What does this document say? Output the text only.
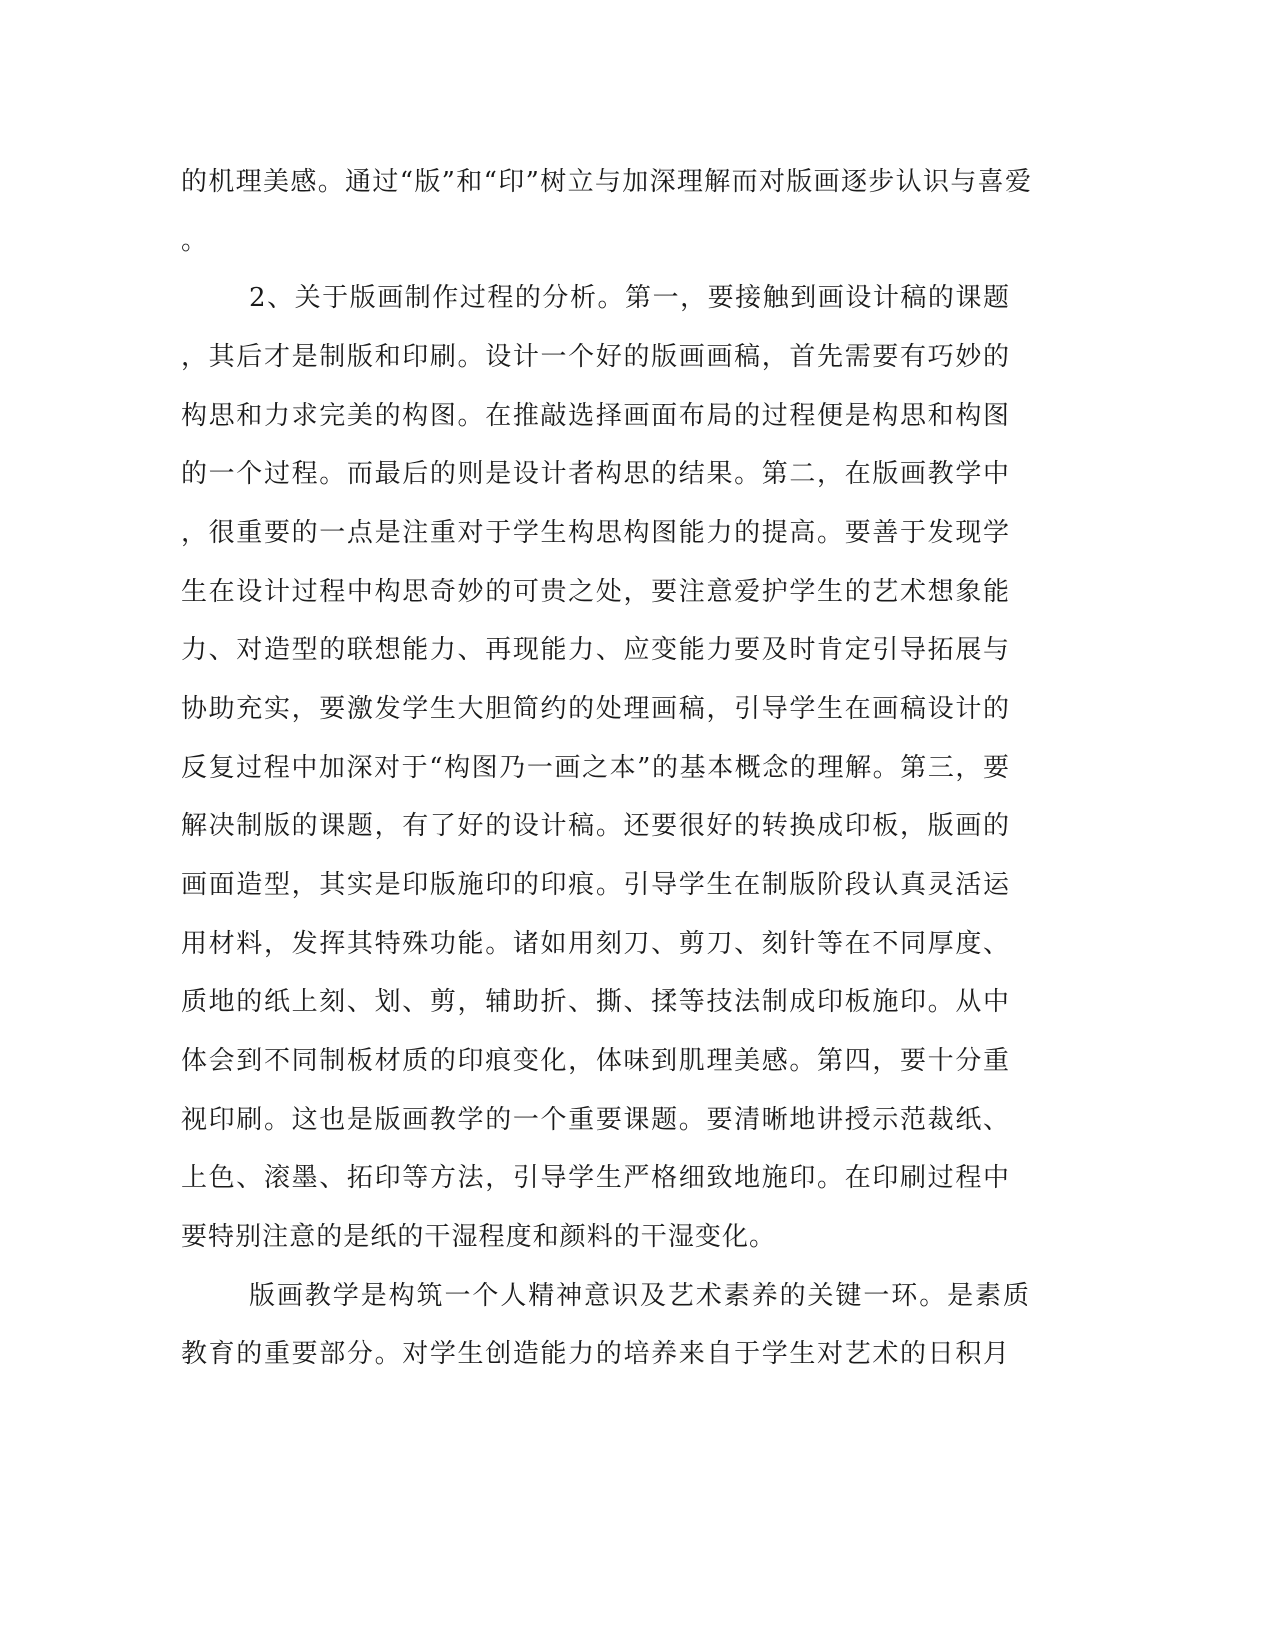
的机理美感。通过“版”和“印”树立与加深理解而对版画逐步认识与喜爱
。
2、关于版画制作过程的分析。第一，要接触到画设计稿的课题
，其后才是制版和印刷。设计一个好的版画画稿，首先需要有巧妙的
构思和力求完美的构图。在推敲选择画面布局的过程便是构思和构图
的一个过程。而最后的则是设计者构思的结果。第二，在版画教学中
，很重要的一点是注重对于学生构思构图能力的提高。要善于发现学
生在设计过程中构思奇妙的可贵之处，要注意爱护学生的艺术想象能
力、对造型的联想能力、再现能力、应变能力要及时肯定引导拓展与
协助充实，要激发学生大胆简约的处理画稿，引导学生在画稿设计的
反复过程中加深对于“构图乃一画之本”的基本概念的理解。第三，要
解决制版的课题，有了好的设计稿。还要很好的转换成印板，版画的
画面造型，其实是印版施印的印痕。引导学生在制版阶段认真灵活运
用材料，发挥其特殊功能。诸如用刻刀、剪刀、刻针等在不同厚度、
质地的纸上刻、划、剪，辅助折、撕、揉等技法制成印板施印。从中
体会到不同制板材质的印痕变化，体味到肌理美感。第四，要十分重
视印刷。这也是版画教学的一个重要课题。要清晰地讲授示范裁纸、
上色、滚墨、拓印等方法，引导学生严格细致地施印。在印刷过程中
要特别注意的是纸的干湿程度和颜料的干湿变化。
版画教学是构筑一个人精神意识及艺术素养的关键一环。是素质
教育的重要部分。对学生创造能力的培养来自于学生对艺术的日积月
